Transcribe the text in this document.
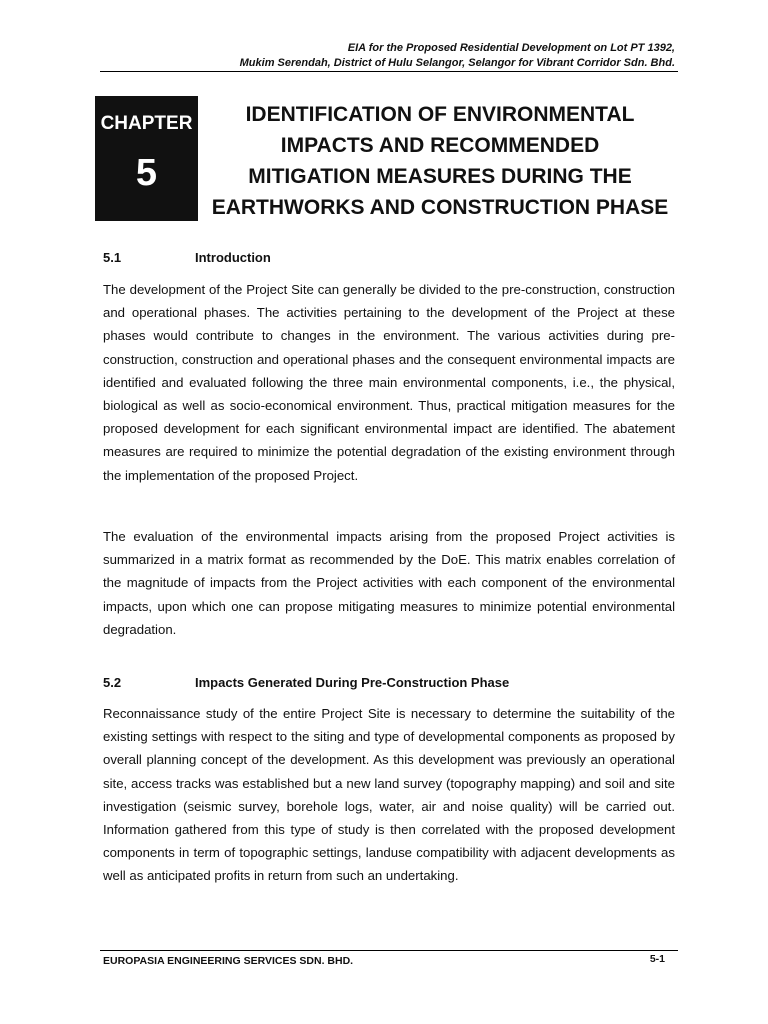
EIA for the Proposed Residential Development on Lot PT 1392,
Mukim Serendah, District of Hulu Selangor, Selangor for Vibrant Corridor Sdn. Bhd.
CHAPTER
5
IDENTIFICATION OF ENVIRONMENTAL
IMPACTS AND RECOMMENDED
MITIGATION MEASURES DURING THE
EARTHWORKS AND CONSTRUCTION PHASE
5.1	Introduction

The development of the Project Site can generally be divided to the pre-construction, construction and operational phases. The activities pertaining to the development of the Project at these phases would contribute to changes in the environment. The various activities during pre-construction, construction and operational phases and the consequent environmental impacts are identified and evaluated following the three main environmental components, i.e., the physical, biological as well as socio-economical environment. Thus, practical mitigation measures for the proposed development for each significant environmental impact are identified. The abatement measures are required to minimize the potential degradation of the existing environment through the implementation of the proposed Project.

The evaluation of the environmental impacts arising from the proposed Project activities is summarized in a matrix format as recommended by the DoE. This matrix enables correlation of the magnitude of impacts from the Project activities with each component of the environmental impacts, upon which one can propose mitigating measures to minimize potential environmental degradation.

5.2	Impacts Generated During Pre-Construction Phase

Reconnaissance study of the entire Project Site is necessary to determine the suitability of the existing settings with respect to the siting and type of developmental components as proposed by overall planning concept of the development. As this development was previously an operational site, access tracks was established but a new land survey (topography mapping) and soil and site investigation (seismic survey, borehole logs, water, air and noise quality) will be carried out. Information gathered from this type of study is then correlated with the proposed development components in term of topographic settings, landuse compatibility with adjacent developments as well as anticipated profits in return from such an undertaking.

EUROPASIA ENGINEERING SERVICES SDN. BHD.	5-1
